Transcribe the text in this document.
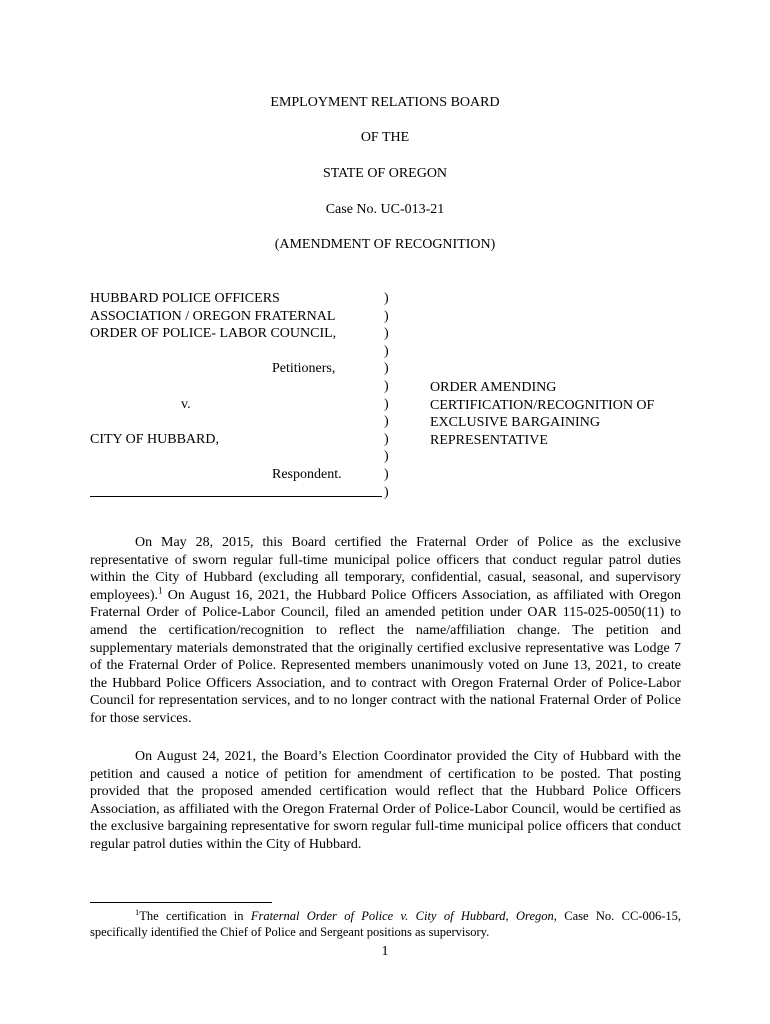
EMPLOYMENT RELATIONS BOARD
OF THE
STATE OF OREGON
Case No. UC-013-21
(AMENDMENT OF RECOGNITION)
HUBBARD POLICE OFFICERS
ASSOCIATION / OREGON FRATERNAL
ORDER OF POLICE- LABOR COUNCIL,
Petitioners,
v.
CITY OF HUBBARD,
Respondent.
)
)
)
)
)
)
)
)
)
)
)
)
ORDER AMENDING
CERTIFICATION/RECOGNITION OF
EXCLUSIVE BARGAINING
REPRESENTATIVE

On May 28, 2015, this Board certified the Fraternal Order of Police as the exclusive representative of sworn regular full-time municipal police officers that conduct regular patrol duties within the City of Hubbard (excluding all temporary, confidential, casual, seasonal, and supervisory employees).$^1$ On August 16, 2021, the Hubbard Police Officers Association, as affiliated with Oregon Fraternal Order of Police-Labor Council, filed an amended petition under OAR 115-025-0050(11) to amend the certification/recognition to reflect the name/affiliation change. The petition and supplementary materials demonstrated that the originally certified exclusive representative was Lodge 7 of the Fraternal Order of Police. Represented members unanimously voted on June 13, 2021, to create the Hubbard Police Officers Association, and to contract with Oregon Fraternal Order of Police-Labor Council for representation services, and to no longer contract with the national Fraternal Order of Police for those services.

On August 24, 2021, the Board’s Election Coordinator provided the City of Hubbard with the petition and caused a notice of petition for amendment of certification to be posted. That posting provided that the proposed amended certification would reflect that the Hubbard Police Officers Association, as affiliated with the Oregon Fraternal Order of Police-Labor Council, would be certified as the exclusive bargaining representative for sworn regular full-time municipal police officers that conduct regular patrol duties within the City of Hubbard.

$^1$The certification in Fraternal Order of Police v. City of Hubbard, Oregon, Case No. CC-006-15, specifically identified the Chief of Police and Sergeant positions as supervisory.

1
